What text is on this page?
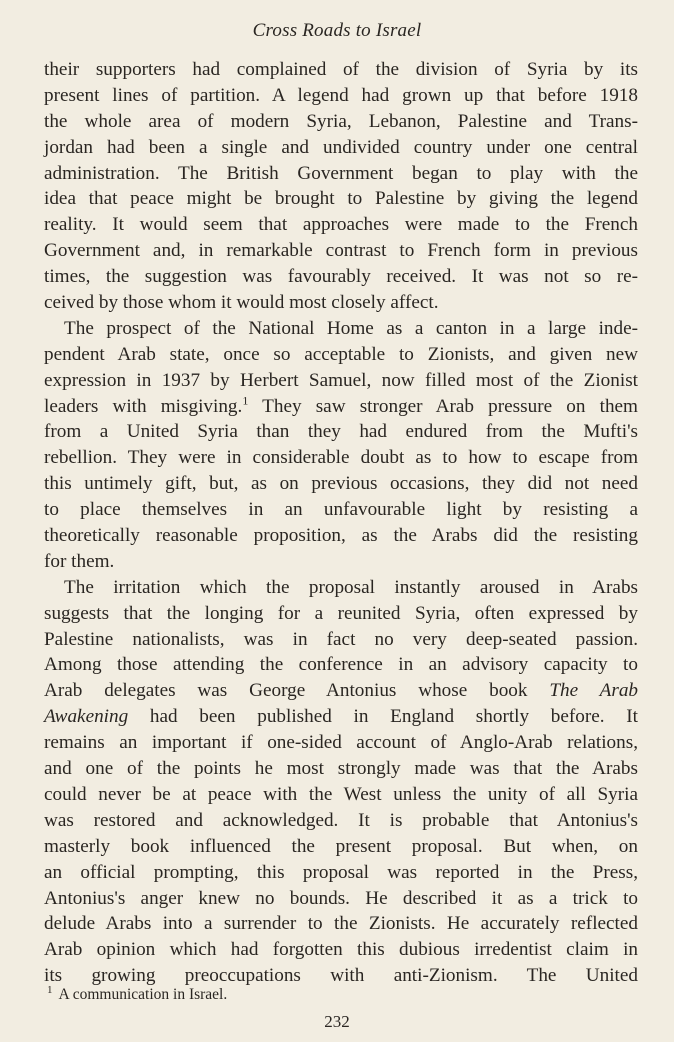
Cross Roads to Israel
their supporters had complained of the division of Syria by its
present lines of partition. A legend had grown up that before 1918
the whole area of modern Syria, Lebanon, Palestine and Trans-
jordan had been a single and undivided country under one central
administration. The British Government began to play with the
idea that peace might be brought to Palestine by giving the legend
reality. It would seem that approaches were made to the French
Government and, in remarkable contrast to French form in previous
times, the suggestion was favourably received. It was not so re-
ceived by those whom it would most closely affect.
The prospect of the National Home as a canton in a large inde-
pendent Arab state, once so acceptable to Zionists, and given new
expression in 1937 by Herbert Samuel, now filled most of the Zionist
leaders with misgiving.$^1$ They saw stronger Arab pressure on them
from a United Syria than they had endured from the Mufti's
rebellion. They were in considerable doubt as to how to escape from
this untimely gift, but, as on previous occasions, they did not need
to place themselves in an unfavourable light by resisting a
theoretically reasonable proposition, as the Arabs did the resisting
for them.
The irritation which the proposal instantly aroused in Arabs
suggests that the longing for a reunited Syria, often expressed by
Palestine nationalists, was in fact no very deep-seated passion.
Among those attending the conference in an advisory capacity to
Arab delegates was George Antonius whose book The Arab
Awakening had been published in England shortly before. It
remains an important if one-sided account of Anglo-Arab relations,
and one of the points he most strongly made was that the Arabs
could never be at peace with the West unless the unity of all Syria
was restored and acknowledged. It is probable that Antonius's
masterly book influenced the present proposal. But when, on
an official prompting, this proposal was reported in the Press,
Antonius's anger knew no bounds. He described it as a trick to
delude Arabs into a surrender to the Zionists. He accurately reflected
Arab opinion which had forgotten this dubious irredentist claim in
its growing preoccupations with anti-Zionism. The United
$^1$ A communication in Israel.
232
